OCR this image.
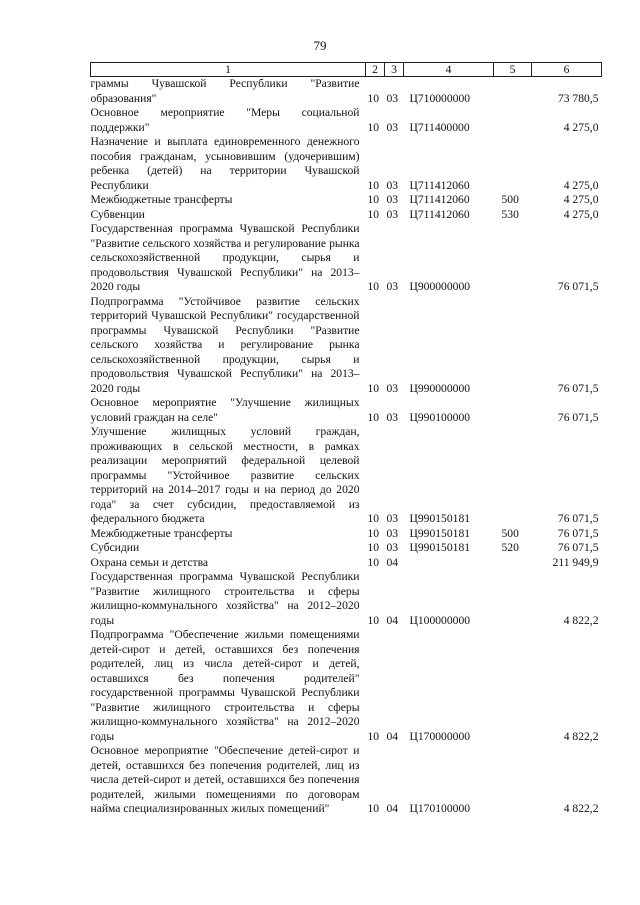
79
1	2	3	4	5	6
граммы Чувашской Республики "Развитие образования"	10	03	Ц710000000		73 780,5
Основное мероприятие "Меры социальной поддержки"	10	03	Ц711400000		4 275,0
Назначение и выплата единовременного денежного пособия гражданам, усыновившим (удочерившим) ребенка (детей) на территории Чувашской Республики	10	03	Ц711412060		4 275,0
Межбюджетные трансферты	10	03	Ц711412060	500	4 275,0
Субвенции	10	03	Ц711412060	530	4 275,0
Государственная программа Чувашской Республики "Развитие сельского хозяйства и регулирование рынка сельскохозяйственной продукции, сырья и продовольствия Чувашской Республики" на 2013–2020 годы	10	03	Ц900000000		76 071,5
Подпрограмма "Устойчивое развитие сельских территорий Чувашской Республики" государственной программы Чувашской Республики "Развитие сельского хозяйства и регулирование рынка сельскохозяйственной продукции, сырья и продовольствия Чувашской Республики" на 2013–2020 годы	10	03	Ц990000000		76 071,5
Основное мероприятие "Улучшение жилищных условий граждан на селе"	10	03	Ц990100000		76 071,5
Улучшение жилищных условий граждан, проживающих в сельской местности, в рамках реализации мероприятий федеральной целевой программы "Устойчивое развитие сельских территорий на 2014–2017 годы и на период до 2020 года" за счет субсидии, предоставляемой из федерального бюджета	10	03	Ц990150181		76 071,5
Межбюджетные трансферты	10	03	Ц990150181	500	76 071,5
Субсидии	10	03	Ц990150181	520	76 071,5
Охрана семьи и детства	10	04			211 949,9
Государственная программа Чувашской Республики "Развитие жилищного строительства и сферы жилищно-коммунального хозяйства" на 2012–2020 годы	10	04	Ц100000000		4 822,2
Подпрограмма "Обеспечение жильми помещениями детей-сирот и детей, оставшихся без попечения родителей, лиц из числа детей-сирот и детей, оставшихся без попечения родителей" государственной программы Чувашской Республики "Развитие жилищного строительства и сферы жилищно-коммунального хозяйства" на 2012–2020 годы	10	04	Ц170000000		4 822,2
Основное мероприятие "Обеспечение детей-сирот и детей, оставшихся без попечения родителей, лиц из числа детей-сирот и детей, оставшихся без попечения родителей, жилыми помещениями по договорам найма специализированных жилых помещений"	10	04	Ц170100000		4 822,2
